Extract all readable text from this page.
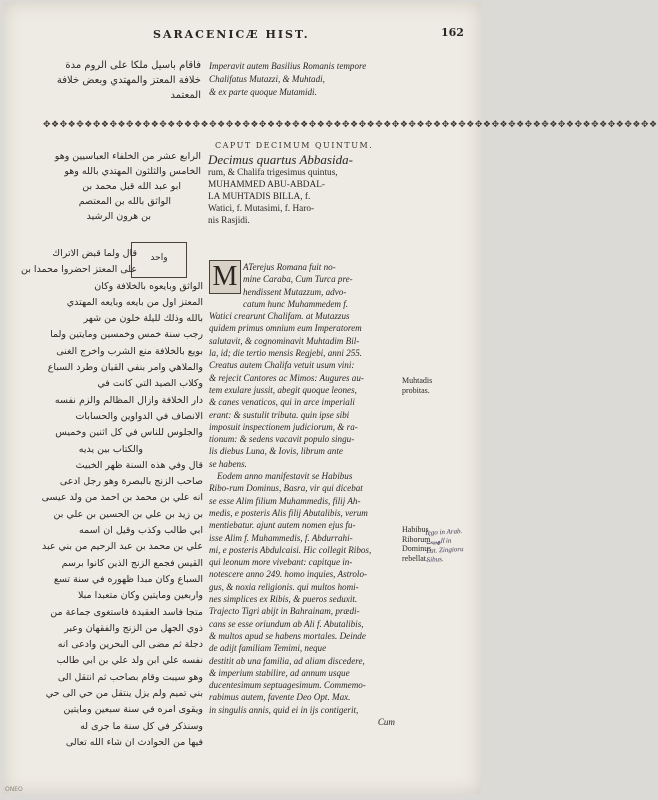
SARACENICÆ HIST.	162
فاقام باسيل ملكا على الروم مدة
خلافة المعتز والمهتدي وبعض خلافة
المعتمد
Imperavit autem Basilius Romanis tempore
Chalifatus Mutazzi, & Muhtadi,
& ex parte quoque Mutamidi.
✥❖✥❖✥❖✥❖✥❖✥❖✥❖✥❖✥❖✥❖✥❖✥❖✥❖✥❖✥❖✥❖✥❖✥❖✥❖✥❖✥❖✥❖✥❖✥❖✥❖✥❖✥❖✥❖✥❖✥❖✥❖✥❖✥❖✥❖✥❖✥❖✥❖
CAPUT DECIMUM QUINTUM.
الرابع عشر من الخلفاء العباسيين وهو
الخامس والثلثون المهتدي بالله وهو
ابو عبد الله قبل محمد بن
الواثق بالله بن المعتصم
بن هرون الرشيد
Decimus quartus Abbasida-
rum, & Chalifa trigesimus quintus,
MUHAMMED ABU-ABDAL-
LA MUHTADIS BILLA, f.
Watici, f. Mutasimi, f. Haro-
nis Rasjidi.
واحد
قال ولما قبض الاتراك
على المعتز احضروا محمدا بن
الواثق وبايعوه بالخلافة وكان
المعتز اول من بايعه وبايعه المهتدي
بالله وذلك لليلة خلون من شهر
رجب سنة خمس وخمسين ومايتين ولما
بويع بالخلافة منع الشرب واخرج الغنى
والملاهي وامر بنفي القيان وطرد السباع
وكلاب الصيد التي كانت في
دار الخلافة وازال المظالم والزم نفسه
الانصاف في الدواوين والحسابات
والجلوس للناس في كل اثنين وخميس
والكتاب بين يديه
قال وفي هذه السنة ظهر الخبيث
صاحب الزنج بالبصرة وهو رجل ادعى
انه علي بن محمد بن احمد من ولد عيسى
بن زيد بن علي بن الحسين بن علي بن
ابي طالب وكذب وقيل ان اسمه
علي بن محمد بن عبد الرحيم من بني عبد
القيس فجمع الزنج الذين كانوا برسم
السباع وكان مبدا ظهوره في سنة تسع
واربعين ومايتين وكان متعبدا مبلا
متجا فاسد العقيدة فاستغوى جماعة من
ذوي الجهل من الزنج والفقهان وعبر
دجلة ثم مضى الى البحرين وادعى انه
نفسه علي ابن ولد علي بن ابي طالب
وهو سيبت وقام بصاحب ثم انتقل الى
بني تميم ولم يزل ينتقل من حي الى حي
ويقوى امره في سنة سبعين ومايتين
وسنذكر في كل سنة ما جرى له
فيها من الحوادث ان شاء الله تعالى
M ATerejus Romana fuit no-
mine Caraba, Cum Turca pre-
hendissent Mutazzum, advo-
catum hunc Muhammedem f.
Watici crearunt Chalifam. at Mutazzus
quidem primus omnium eum Imperatorem
salutavit, & cognominavit Muhtadim Bil-
la, id; die tertio mensis Regjebi, anni 255.
Creatus autem Chalifa vetuit usum vini:
& rejecit Cantores ac Mimos: Augures au-
tem exulare jussit, abegit quoque leones,
& canes venaticos, qui in arce imperiali
erant: & sustulit tributa. quin ipse sibi
imposuit inspectionem judiciorum, & ra-
tionum: & sedens vacavit populo singu-
lis diebus Luna, & Iovis, librum ante
se habens.
Eodem anno manifestavit se Habibus
Ribo-rum Dominus, Basra, vir qui dicebat
se esse Alim filium Muhammedis, filij Ah-
medis, e posteris Alis filij Abutalibis, verum
mentiebatur. ajunt autem nomen ejus fu-
isse Alim f. Muhammedis, f. Abdurrahi-
mi, e posteris Abdulcaisi. Hic collegit Ribos,
qui leonum more vivebant: capitque in-
notescere anno 249. homo inquies, Astrolo-
gus, & noxia religionis. qui multos homi-
nes simplices ex Ribis, & pueros seduxit.
Trajecto Tigri abijt in Bahrainam, prædi-
cans se esse oriundum ab Ali f. Abutalibis,
& multos apud se habens mortales. Deinde
de adijt familiam Temimi, neque
destitit ab una familia, ad aliam discedere,
& imperium stabilire, ad annum usque
ducentesimum septuagesimum. Commemo-
rabimus autem, favente Deo Opt. Max.
in singulis annis, quid ei in ijs contigerit,
Cum
Muhtadis
probitas.
Habibus
Riborum
Dominus
rebellat.
Ięgo in Arab.
الهبيث in
Lat. Zingioru
Sibus.
ONEO
